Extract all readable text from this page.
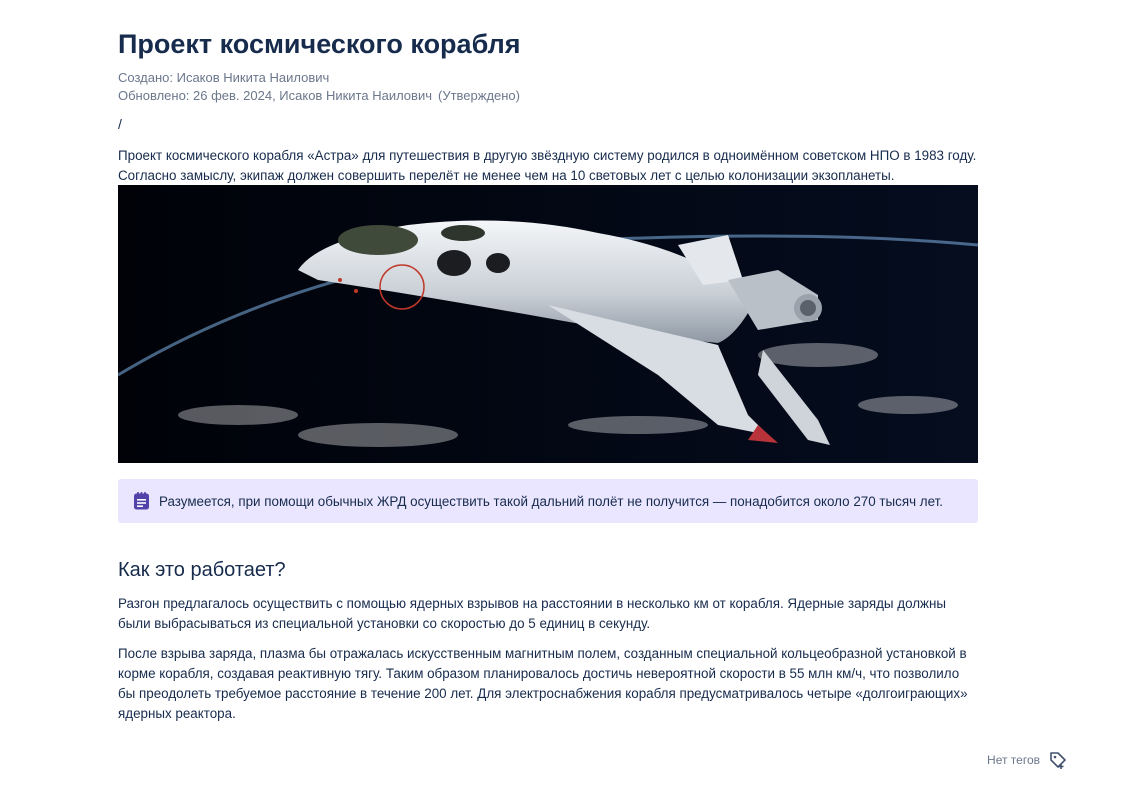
Проект космического корабля
Создано: Исаков Никита Наилович
Обновлено: 26 фев. 2024, Исаков Никита Наилович (Утверждено)
/
Проект космического корабля «Астра» для путешествия в другую звёздную систему родился в одноимённом советском НПО в 1983 году. Согласно замыслу, экипаж должен совершить перелёт не менее чем на 10 световых лет с целью колонизации экзопланеты.
Разумеется, при помощи обычных ЖРД осуществить такой дальний полёт не получится — понадобится около 270 тысяч лет.
Как это работает?
Разгон предлагалось осуществить с помощью ядерных взрывов на расстоянии в несколько км от корабля. Ядерные заряды должны были выбрасываться из специальной установки со скоростью до 5 единиц в секунду.
После взрыва заряда, плазма бы отражалась искусственным магнитным полем, созданным специальной кольцеобразной установкой в корме корабля, создавая реактивную тягу. Таким образом планировалось достичь невероятной скорости в 55 млн км/ч, что позволило бы преодолеть требуемое расстояние в течение 200 лет. Для электроснабжения корабля предусматривалось четыре «долгоиграющих» ядерных реактора.
Нет тегов
